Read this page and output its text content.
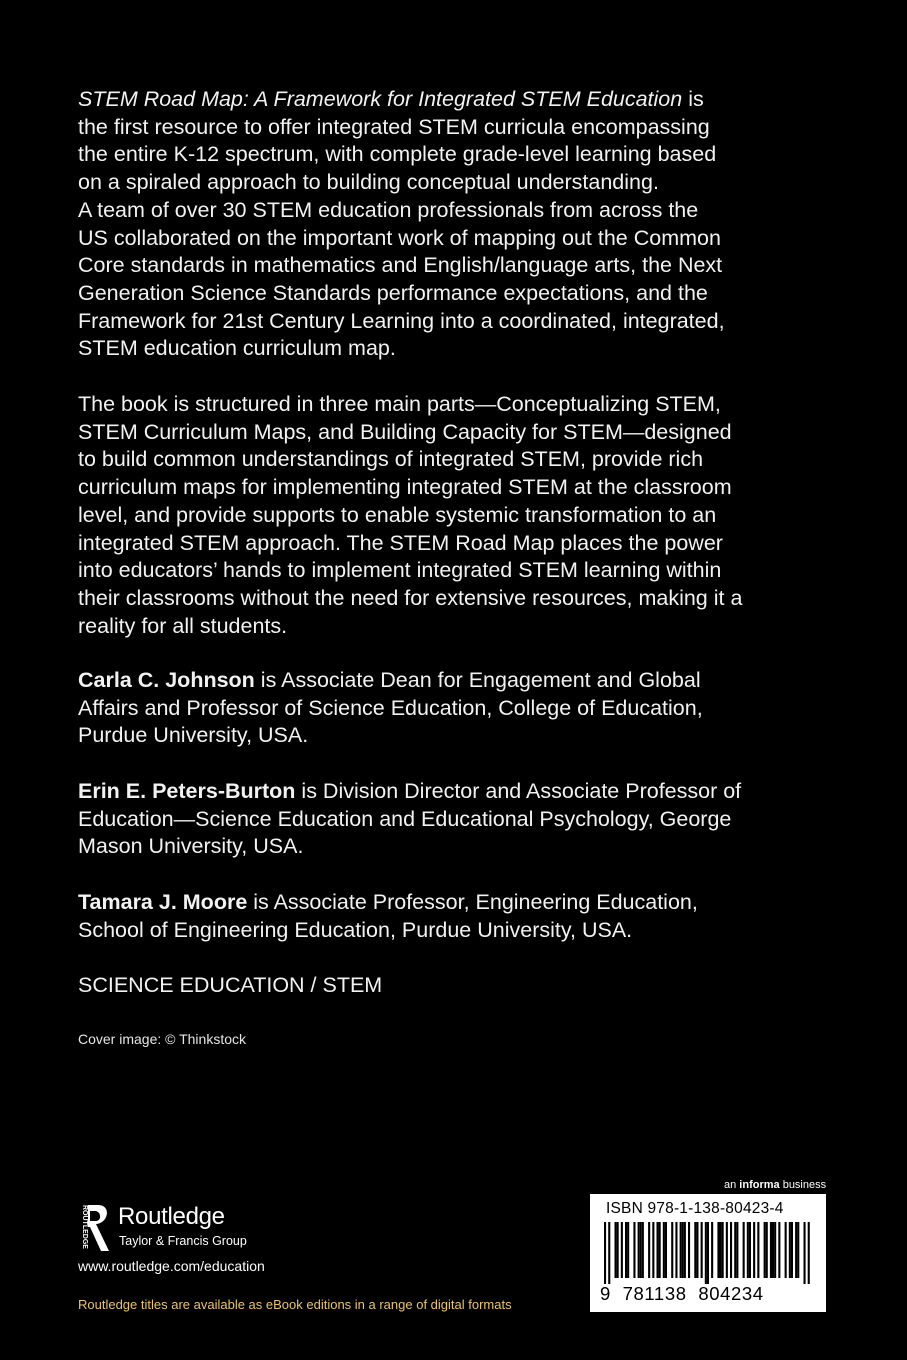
STEM Road Map: A Framework for Integrated STEM Education is
the first resource to offer integrated STEM curricula encompassing
the entire K-12 spectrum, with complete grade-level learning based
on a spiraled approach to building conceptual understanding.
A team of over 30 STEM education professionals from across the
US collaborated on the important work of mapping out the Common
Core standards in mathematics and English/language arts, the Next
Generation Science Standards performance expectations, and the
Framework for 21st Century Learning into a coordinated, integrated,
STEM education curriculum map.
The book is structured in three main parts—Conceptualizing STEM,
STEM Curriculum Maps, and Building Capacity for STEM—designed
to build common understandings of integrated STEM, provide rich
curriculum maps for implementing integrated STEM at the classroom
level, and provide supports to enable systemic transformation to an
integrated STEM approach. The STEM Road Map places the power
into educators’ hands to implement integrated STEM learning within
their classrooms without the need for extensive resources, making it a
reality for all students.
Carla C. Johnson is Associate Dean for Engagement and Global
Affairs and Professor of Science Education, College of Education,
Purdue University, USA.
Erin E. Peters-Burton is Division Director and Associate Professor of
Education—Science Education and Educational Psychology, George
Mason University, USA.
Tamara J. Moore is Associate Professor, Engineering Education,
School of Engineering Education, Purdue University, USA.
SCIENCE EDUCATION / STEM
Cover image: © Thinkstock
ROUTLEDGE Routledge
Taylor & Francis Group
www.routledge.com/education
Routledge titles are available as eBook editions in a range of digital formats
an informa business
ISBN 978-1-138-80423-4
9 781138 804234
